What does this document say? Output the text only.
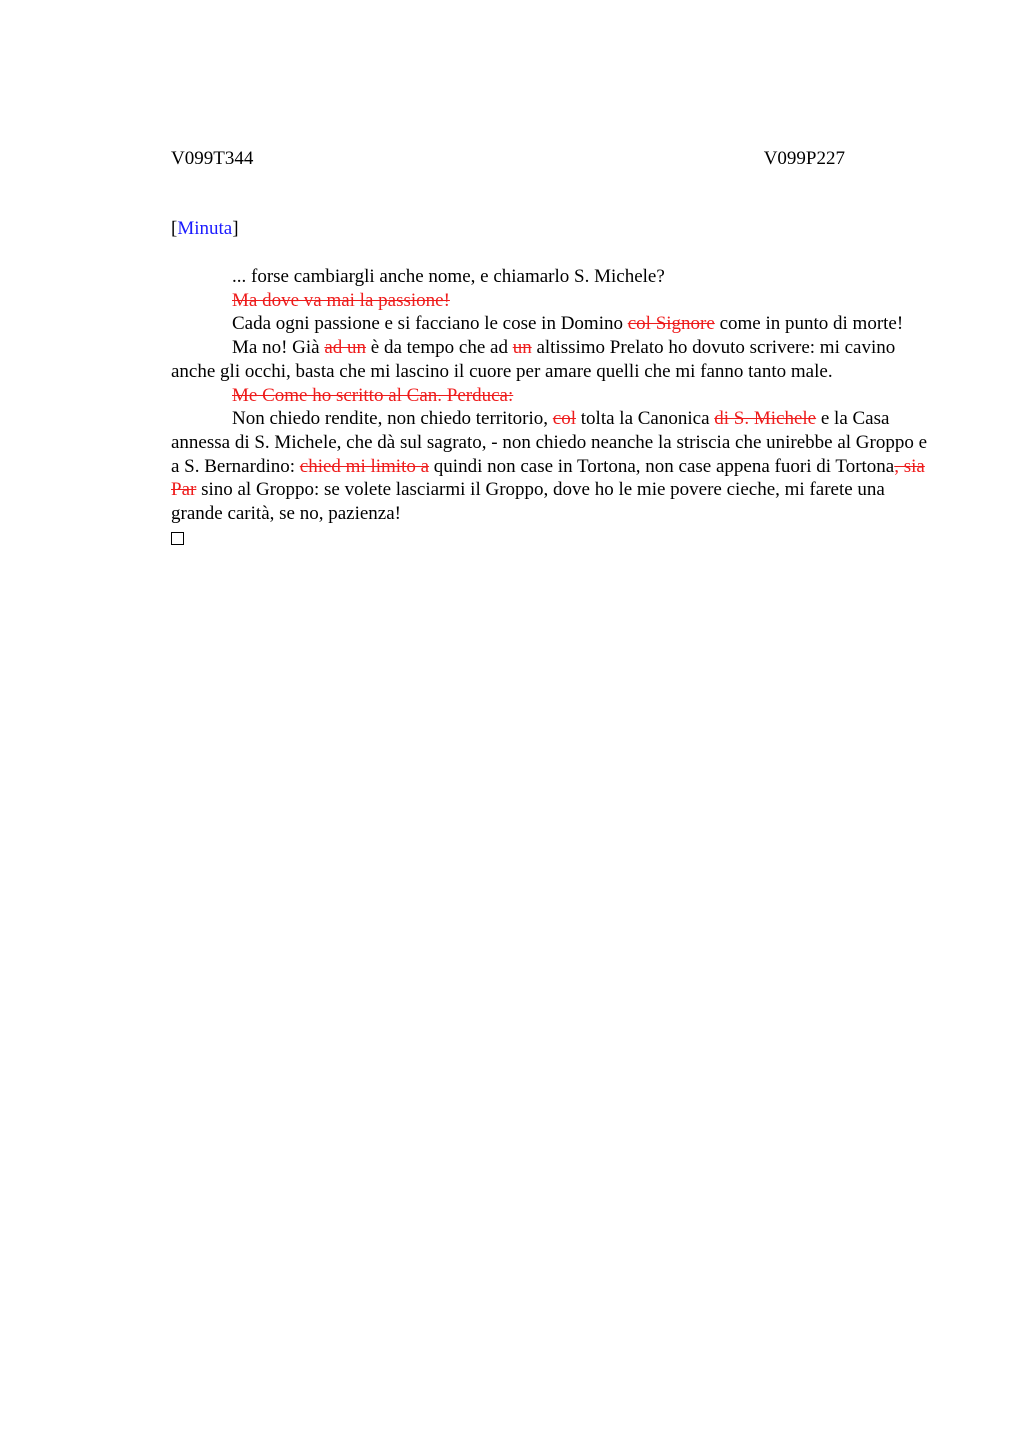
V099T344	V099P227
[Minuta]

... forse cambiargli anche nome, e chiamarlo S. Michele?

Ma dove va mai la passione!

Cada ogni passione e si facciano le cose in Domino col Signore come in punto di morte!

Ma no! Già ad un è da tempo che ad un altissimo Prelato ho dovuto scrivere: mi cavino anche gli occhi, basta che mi lascino il cuore per amare quelli che mi fanno tanto male.

Me Come ho scritto al Can. Perduca:

Non chiedo rendite, non chiedo territorio, col tolta la Canonica di S. Michele e la Casa annessa di S. Michele, che dà sul sagrato, - non chiedo neanche la striscia che unirebbe al Groppo e a S. Bernardino: chied mi limito a quindi non case in Tortona, non case appena fuori di Tortona, sia Par sino al Groppo: se volete lasciarmi il Groppo, dove ho le mie povere cieche, mi farete una grande carità, se no, pazienza!
